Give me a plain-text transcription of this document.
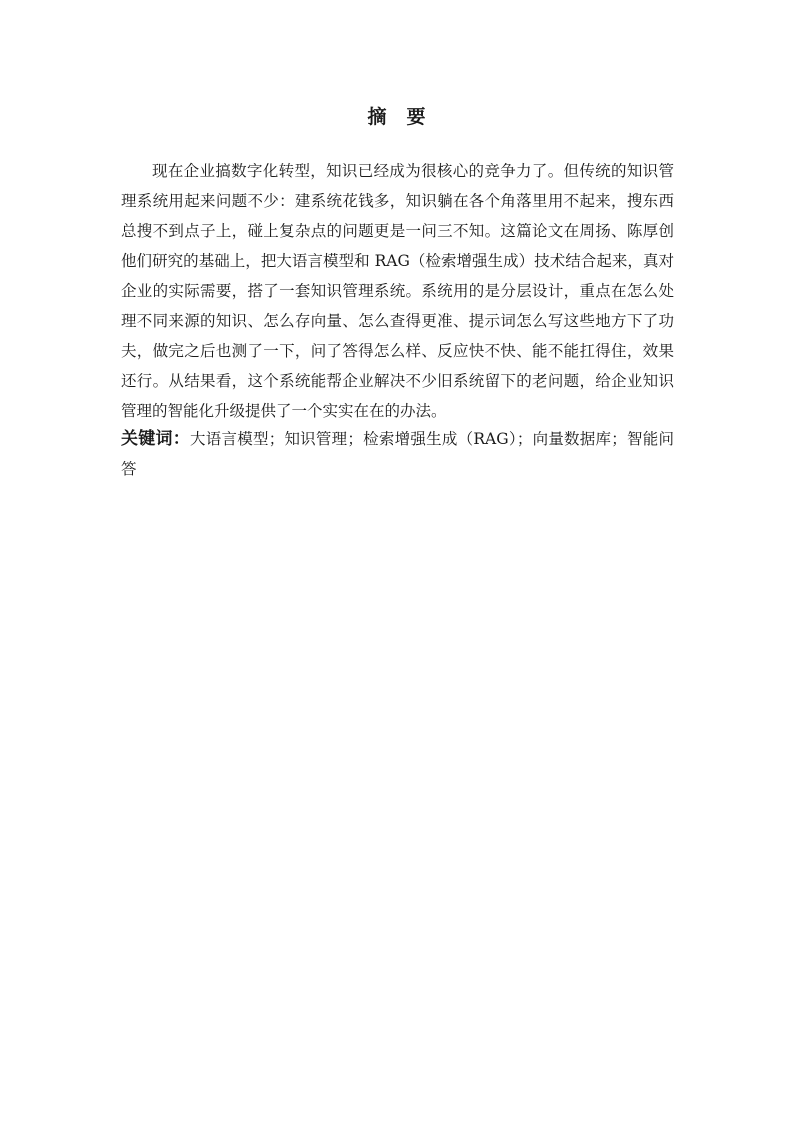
摘要

现在企业搞数字化转型，知识已经成为很核心的竞争力了。但传统的知识管理系统用起来问题不少：建系统花钱多，知识躺在各个角落里用不起来，搜东西总搜不到点子上，碰上复杂点的问题更是一问三不知。这篇论文在周扬、陈厚创他们研究的基础上，把大语言模型和 RAG（检索增强生成）技术结合起来，真对企业的实际需要，搭了一套知识管理系统。系统用的是分层设计，重点在怎么处理不同来源的知识、怎么存向量、怎么查得更准、提示词怎么写这些地方下了功夫，做完之后也测了一下，问了答得怎么样、反应快不快、能不能扛得住，效果还行。从结果看，这个系统能帮企业解决不少旧系统留下的老问题，给企业知识管理的智能化升级提供了一个实实在在的办法。

关键词：大语言模型；知识管理；检索增强生成（RAG）；向量数据库；智能问答
